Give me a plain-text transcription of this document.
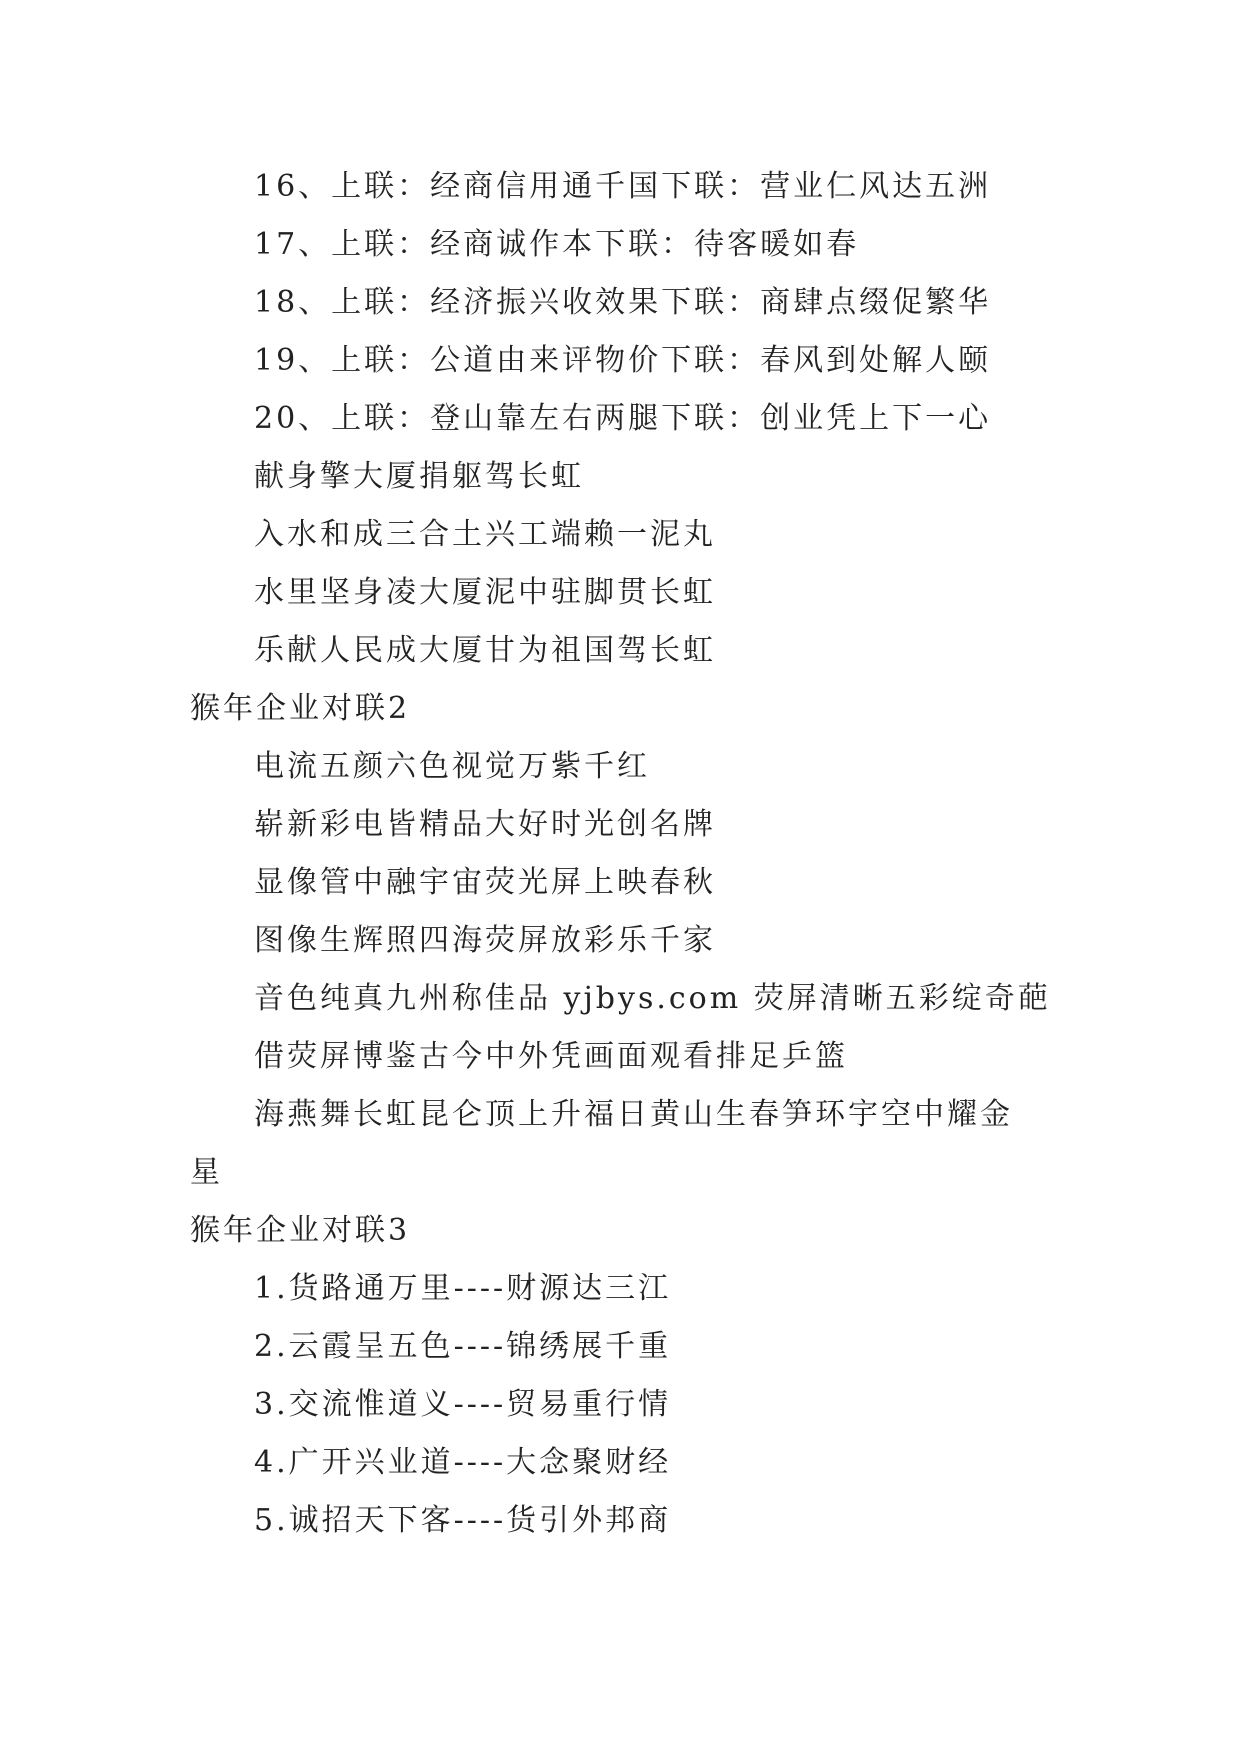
16、上联：经商信用通千国下联：营业仁风达五洲
17、上联：经商诚作本下联：待客暖如春
18、上联：经济振兴收效果下联：商肆点缀促繁华
19、上联：公道由来评物价下联：春风到处解人颐
20、上联：登山靠左右两腿下联：创业凭上下一心
献身擎大厦捐躯驾长虹
入水和成三合土兴工端赖一泥丸
水里坚身凌大厦泥中驻脚贯长虹
乐献人民成大厦甘为祖国驾长虹
猴年企业对联2
电流五颜六色视觉万紫千红
崭新彩电皆精品大好时光创名牌
显像管中融宇宙荧光屏上映春秋
图像生辉照四海荧屏放彩乐千家
音色纯真九州称佳品 yjbys.com 荧屏清晰五彩绽奇葩
借荧屏博鉴古今中外凭画面观看排足乒篮
海燕舞长虹昆仑顶上升福日黄山生春笋环宇空中耀金
星
猴年企业对联3
1.货路通万里----财源达三江
2.云霞呈五色----锦绣展千重
3.交流惟道义----贸易重行情
4.广开兴业道----大念聚财经
5.诚招天下客----货引外邦商
